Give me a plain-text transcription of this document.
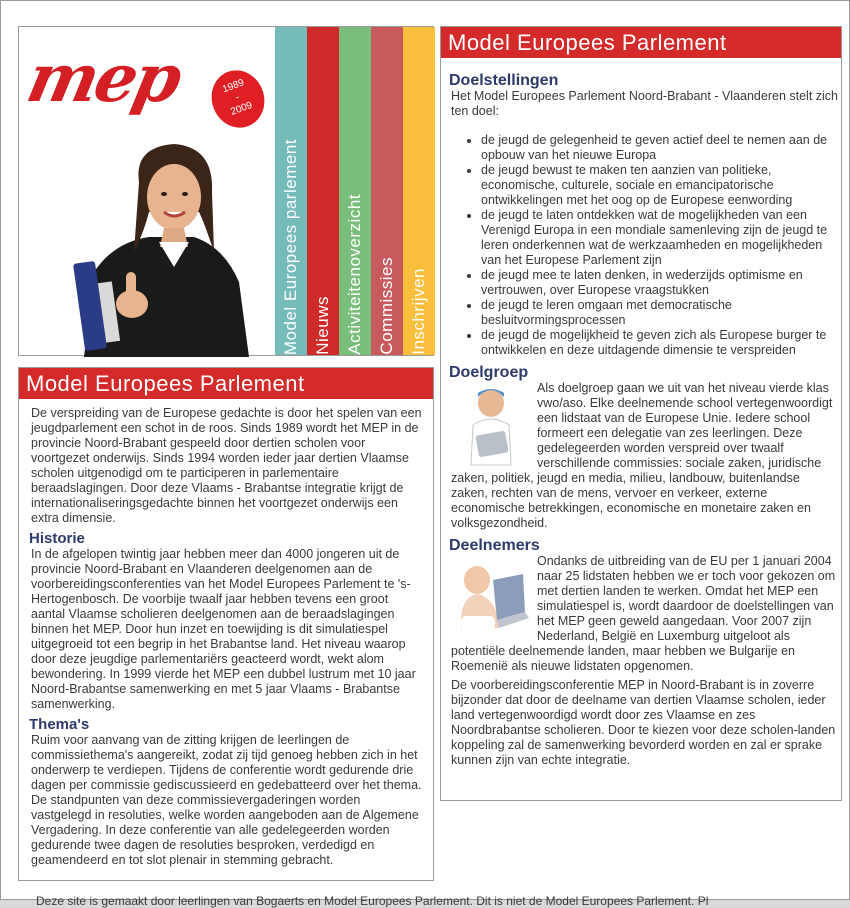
mep	1989
-
2009
Model Europees parlement Nieuws Activiteitenoverzicht Commissies Inschrijven
Model Europees Parlement

De verspreiding van de Europese gedachte is door het spelen van een jeugdparlement een schot in de roos. Sinds 1989 wordt het MEP in de provincie Noord-Brabant gespeeld door dertien scholen voor voortgezet onderwijs. Sinds 1994 worden ieder jaar dertien Vlaamse scholen uitgenodigd om te participeren in parlementaire beraadslagingen. Door deze Vlaams - Brabantse integratie krijgt de internationaliseringsgedachte binnen het voortgezet onderwijs een extra dimensie.

Historie

In de afgelopen twintig jaar hebben meer dan 4000 jongeren uit de provincie Noord-Brabant en Vlaanderen deelgenomen aan de voorbereidingsconferenties van het Model Europees Parlement te 's-Hertogenbosch. De voorbije twaalf jaar hebben tevens een groot aantal Vlaamse scholieren deelgenomen aan de beraadslagingen binnen het MEP. Door hun inzet en toewijding is dit simulatiespel uitgegroeid tot een begrip in het Brabantse land. Het niveau waarop door deze jeugdige parlementariërs geacteerd wordt, wekt alom bewondering. In 1999 vierde het MEP een dubbel lustrum met 10 jaar Noord-Brabantse samenwerking en met 5 jaar Vlaams - Brabantse samenwerking.

Thema's

Ruim voor aanvang van de zitting krijgen de leerlingen de commissiethema's aangereikt, zodat zij tijd genoeg hebben zich in het onderwerp te verdiepen. Tijdens de conferentie wordt gedurende drie dagen per commissie gediscussieerd en gedebatteerd over het thema. De standpunten van deze commissievergaderingen worden vastgelegd in resoluties, welke worden aangeboden aan de Algemene Vergadering. In deze conferentie van alle gedelegeerden worden gedurende twee dagen de resoluties besproken, verdedigd en geamendeerd en tot slot plenair in stemming gebracht.

Model Europees Parlement
Doelstellingen

Het Model Europees Parlement Noord-Brabant - Vlaanderen stelt zich ten doel:

• de jeugd de gelegenheid te geven actief deel te nemen aan de opbouw van het nieuwe Europa
• de jeugd bewust te maken ten aanzien van politieke, economische, culturele, sociale en emancipatorische ontwikkelingen met het oog op de Europese eenwording
• de jeugd te laten ontdekken wat de mogelijkheden van een Verenigd Europa in een mondiale samenleving zijn de jeugd te leren onderkennen wat de werkzaamheden en mogelijkheden van het Europese Parlement zijn
• de jeugd mee te laten denken, in wederzijds optimisme en vertrouwen, over Europese vraagstukken
• de jeugd te leren omgaan met democratische besluitvormingsprocessen
• de jeugd de mogelijkheid te geven zich als Europese burger te ontwikkelen en deze uitdagende dimensie te verspreiden
Doelgroep

Als doelgroep gaan we uit van het niveau vierde klas vwo/aso. Elke deelnemende school vertegenwoordigt een lidstaat van de Europese Unie. Iedere school formeert een delegatie van zes leerlingen. Deze gedelegeerden worden verspreid over twaalf verschillende commissies: sociale zaken, juridische zaken, politiek, jeugd en media, milieu, landbouw, buitenlandse zaken, rechten van de mens, vervoer en verkeer, externe economische betrekkingen, economische en monetaire zaken en volksgezondheid.

Deelnemers

Ondanks de uitbreiding van de EU per 1 januari 2004 naar 25 lidstaten hebben we er toch voor gekozen om met dertien landen te werken. Omdat het MEP een simulatiespel is, wordt daardoor de doelstellingen van het MEP geen geweld aangedaan. Voor 2007 zijn Nederland, België en Luxemburg uitgeloot als potentiële deelnemende landen, maar hebben we Bulgarije en Roemenië als nieuwe lidstaten opgenomen.

De voorbereidingsconferentie MEP in Noord-Brabant is in zoverre bijzonder dat door de deelname van dertien Vlaamse scholen, ieder land vertegenwoordigd wordt door zes Vlaamse en zes Noordbrabantse scholieren. Door te kiezen voor deze scholen-landen koppeling zal de samenwerking bevorderd worden en zal er sprake kunnen zijn van echte integratie.

Deze site is gemaakt door leerlingen van Bogaerts en Model Europees Parlement. Dit is niet de Model Europees Parlement. Pl
